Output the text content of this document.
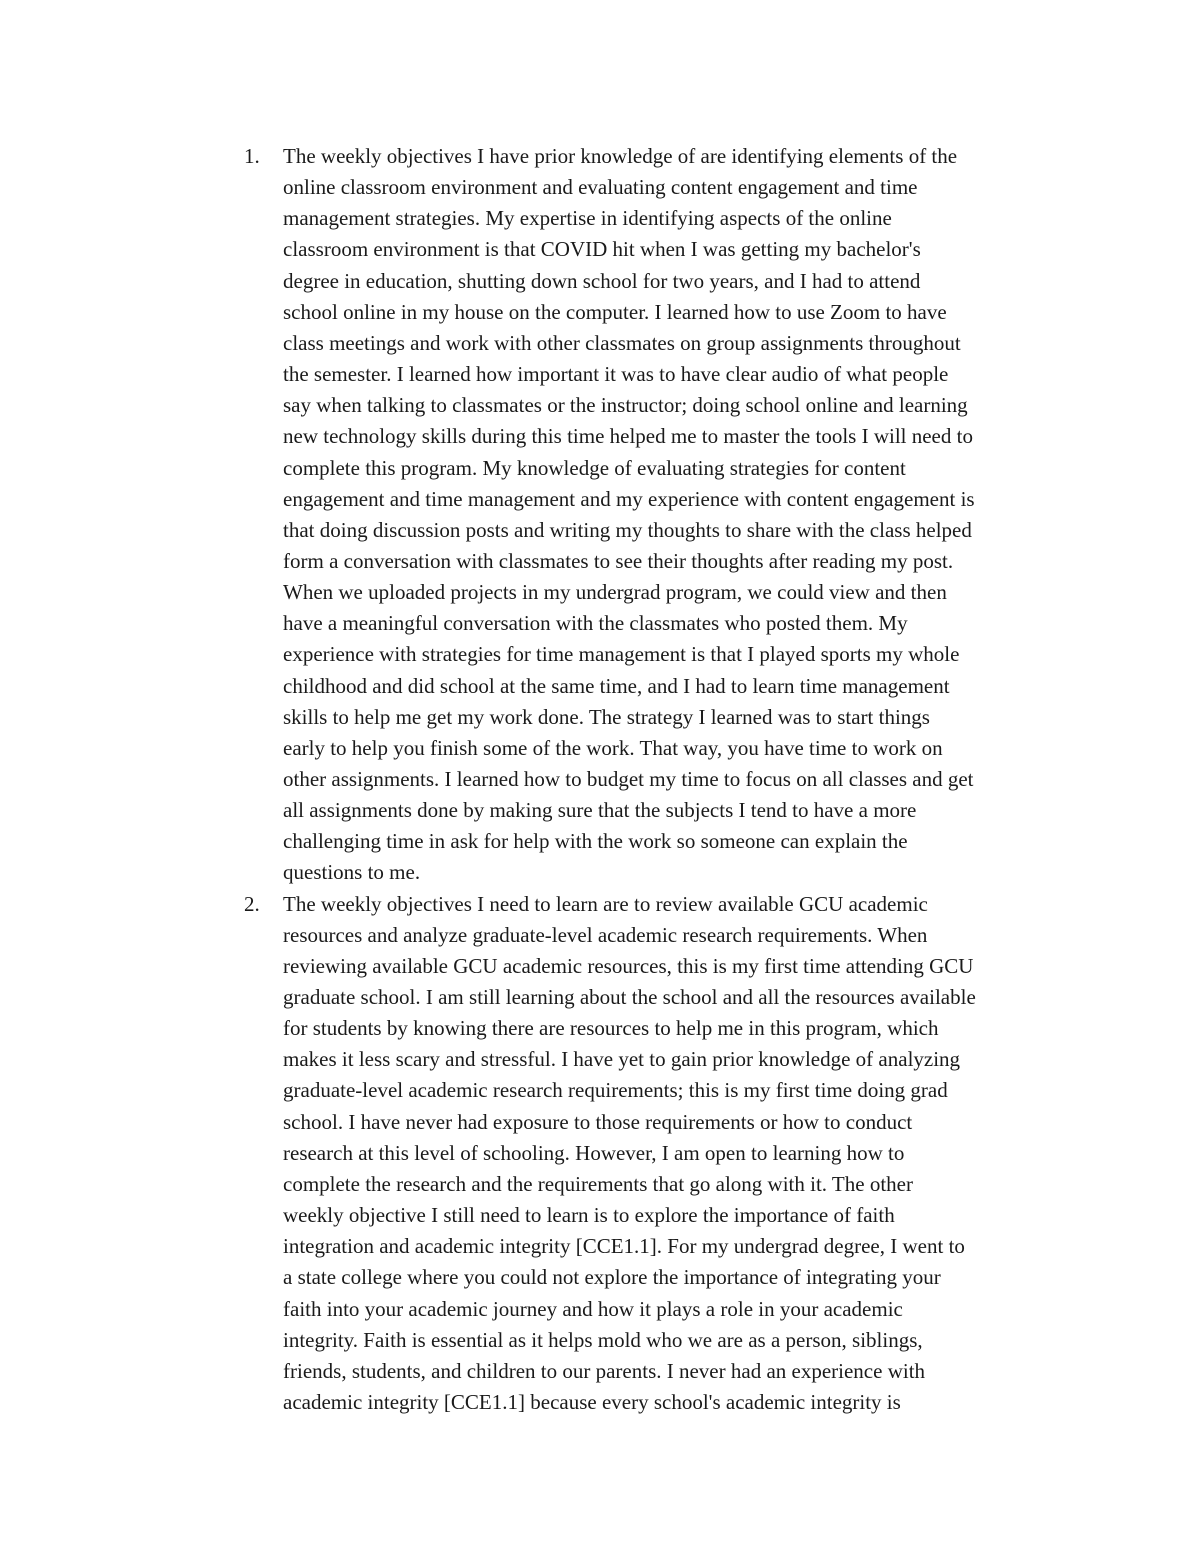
1. The weekly objectives I have prior knowledge of are identifying elements of the
online classroom environment and evaluating content engagement and time
management strategies. My expertise in identifying aspects of the online
classroom environment is that COVID hit when I was getting my bachelor's
degree in education, shutting down school for two years, and I had to attend
school online in my house on the computer. I learned how to use Zoom to have
class meetings and work with other classmates on group assignments throughout
the semester. I learned how important it was to have clear audio of what people
say when talking to classmates or the instructor; doing school online and learning
new technology skills during this time helped me to master the tools I will need to
complete this program. My knowledge of evaluating strategies for content
engagement and time management and my experience with content engagement is
that doing discussion posts and writing my thoughts to share with the class helped
form a conversation with classmates to see their thoughts after reading my post.
When we uploaded projects in my undergrad program, we could view and then
have a meaningful conversation with the classmates who posted them. My
experience with strategies for time management is that I played sports my whole
childhood and did school at the same time, and I had to learn time management
skills to help me get my work done. The strategy I learned was to start things
early to help you finish some of the work. That way, you have time to work on
other assignments. I learned how to budget my time to focus on all classes and get
all assignments done by making sure that the subjects I tend to have a more
challenging time in ask for help with the work so someone can explain the
questions to me.
2. The weekly objectives I need to learn are to review available GCU academic
resources and analyze graduate-level academic research requirements. When
reviewing available GCU academic resources, this is my first time attending GCU
graduate school. I am still learning about the school and all the resources available
for students by knowing there are resources to help me in this program, which
makes it less scary and stressful. I have yet to gain prior knowledge of analyzing
graduate-level academic research requirements; this is my first time doing grad
school. I have never had exposure to those requirements or how to conduct
research at this level of schooling. However, I am open to learning how to
complete the research and the requirements that go along with it. The other
weekly objective I still need to learn is to explore the importance of faith
integration and academic integrity [CCE1.1]. For my undergrad degree, I went to
a state college where you could not explore the importance of integrating your
faith into your academic journey and how it plays a role in your academic
integrity. Faith is essential as it helps mold who we are as a person, siblings,
friends, students, and children to our parents. I never had an experience with
academic integrity [CCE1.1] because every school's academic integrity is
